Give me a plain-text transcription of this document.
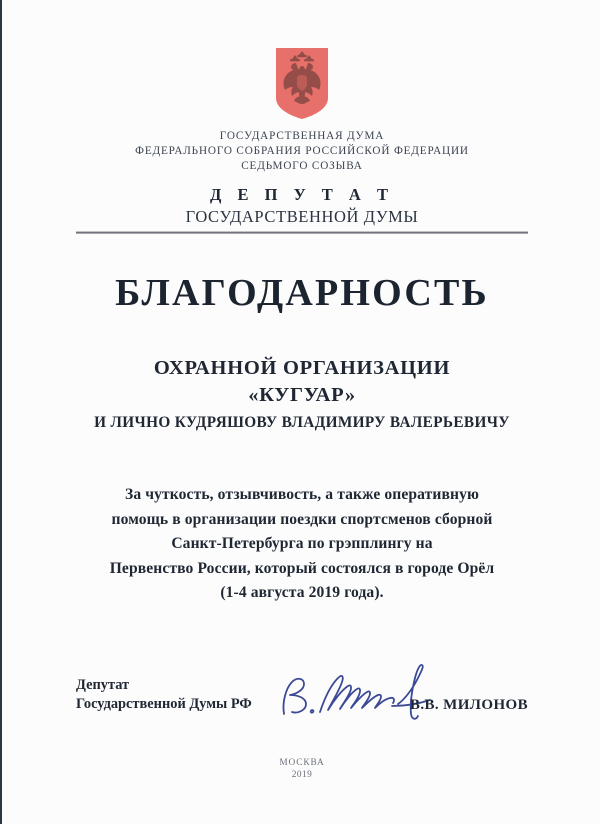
ГОСУДАРСТВЕННАЯ ДУМА
ФЕДЕРАЛЬНОГО СОБРАНИЯ РОССИЙСКОЙ ФЕДЕРАЦИИ
СЕДЬМОГО СОЗЫВА
Д Е П У Т А Т
ГОСУДАРСТВЕННОЙ ДУМЫ
БЛАГОДАРНОСТЬ
ОХРАННОЙ ОРГАНИЗАЦИИ
«КУГУАР»
И ЛИЧНО КУДРЯШОВУ ВЛАДИМИРУ ВАЛЕРЬЕВИЧУ
За чуткость, отзывчивость, а также оперативную
помощь в организации поездки спортсменов сборной
Санкт-Петербурга по грэпплингу на
Первенство России, который состоялся в городе Орёл
(1-4 августа 2019 года).
Депутат
Государственной Думы РФ	В.В. МИЛОНОВ
МОСКВА
2019
